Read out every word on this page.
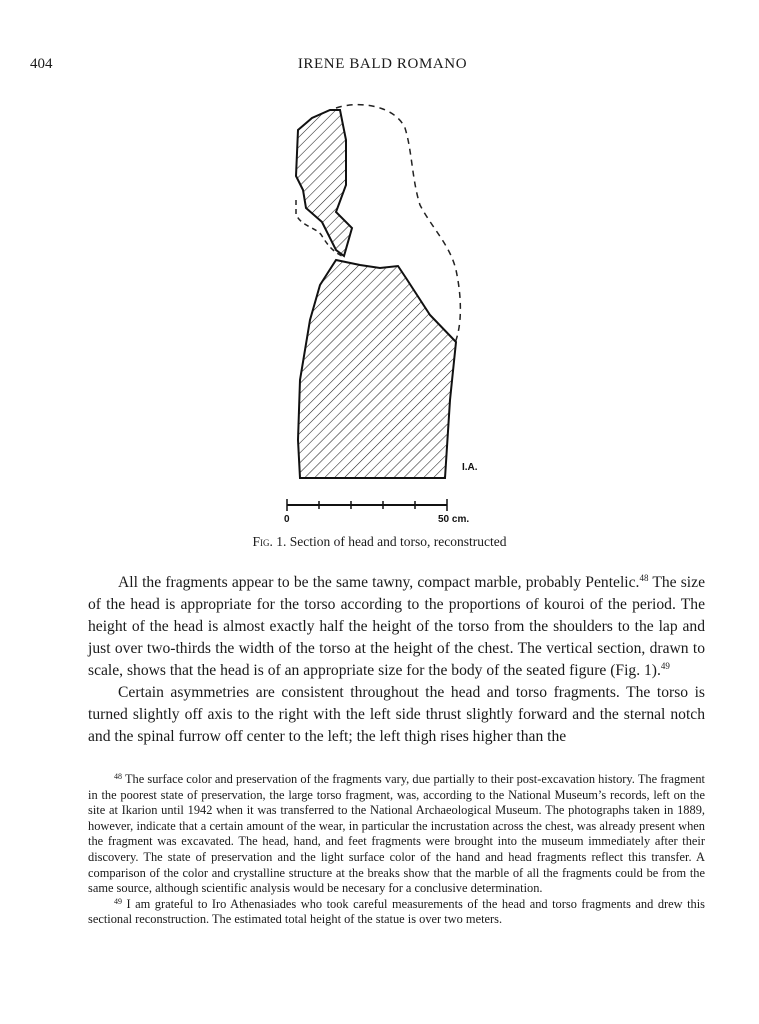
404	IRENE BALD ROMANO
I.A.
0	50 cm.
Fig. 1. Section of head and torso, reconstructed

All the fragments appear to be the same tawny, compact marble, probably Pentelic.$^{48}$ The size of the head is appropriate for the torso according to the proportions of kouroi of the period. The height of the head is almost exactly half the height of the torso from the shoulders to the lap and just over two-thirds the width of the torso at the height of the chest. The vertical section, drawn to scale, shows that the head is of an appropriate size for the body of the seated figure (Fig. 1).$^{49}$

Certain asymmetries are consistent throughout the head and torso fragments. The torso is turned slightly off axis to the right with the left side thrust slightly forward and the sternal notch and the spinal furrow off center to the left; the left thigh rises higher than the

$^{48}$ The surface color and preservation of the fragments vary, due partially to their post-excavation history. The fragment in the poorest state of preservation, the large torso fragment, was, according to the National Museum’s records, left on the site at Ikarion until 1942 when it was transferred to the National Archaeological Museum. The photographs taken in 1889, however, indicate that a certain amount of the wear, in particular the incrustation across the chest, was already present when the fragment was excavated. The head, hand, and feet fragments were brought into the museum immediately after their discovery. The state of preservation and the light surface color of the hand and head fragments reflect this transfer. A comparison of the color and crystalline structure at the breaks show that the marble of all the fragments could be from the same source, although scientific analysis would be necesary for a conclusive determination.

$^{49}$ I am grateful to Iro Athenasiades who took careful measurements of the head and torso fragments and drew this sectional reconstruction. The estimated total height of the statue is over two meters.
